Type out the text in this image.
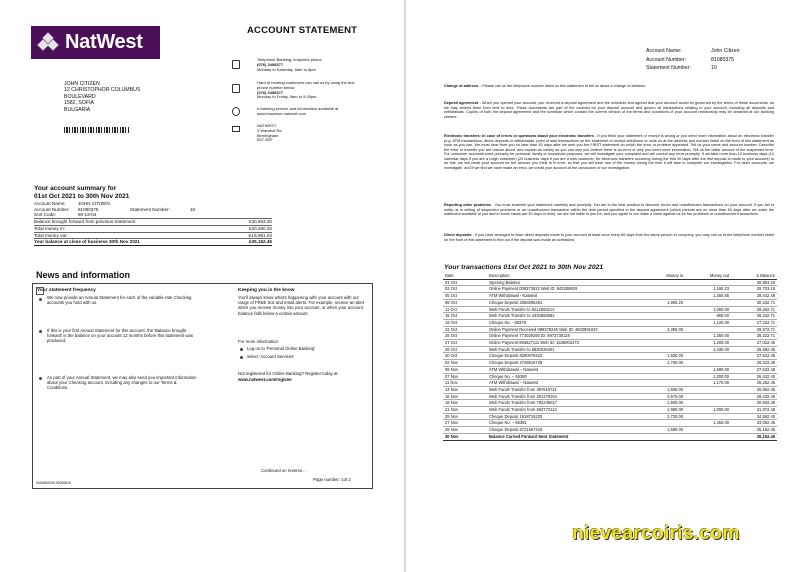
NatWest
ACCOUNT STATEMENT
JOHN CITIZEN
12 CHRISTOPHOR COLUMBUS
BOULEVARD
1582, SOFIA
BULGARIA
Telephone Banking, enquiries phone
(076) 2408377
Monday to Saturday, 8am to 8pm
Hard of hearing customers can call us by using the text phone number below
(076) 2408377
Monday to Friday, 9am to 5.00pm.
e-banking service and information available at www.business.natwest.com
NATWEST
3 Warwick Rd
Birmingham
B27 6DF
Your account summary for
01st Oct 2021 to 30th Nov 2021
Account Name:	JOHN CITIZEN
Account Number:	81080375	Statement Number:	10
Sort Code:	60-13-04
Balance brought forward from previous Statement	£30,853.20
Total money in:	£20,260.33
Total money out:	-£15,961.04
Your balance at close of business 30th Nov 2021	£35,152.45
News and information
Your statement frequency
We now provide an Annual Statement for each of the variable rate Checking accounts you hold with us.
If this is your first Annual Statement for this account, the 'Balance brought forward' is the balance on your account 12 months before this statement was produced.
As part of your Annual Statement, we may also send you important information about your Checking account, including any changes to our Terms & Conditions.
Keeping you in the know
You'll always know what's happening with your account with our range of FREE text and email alerts. For example, receive an alert when you receive money into your account, or when your account balance falls below a certain amount.
For more information:
Log on to 'Personal Online Banking'
select 'Account Services'
Not registered for Online Banking? Register today at
www.natwest.com/register
Continued on reverse...
Page number: 1of 2
0040460006 00040810
Account Name:	John Citizen
Account Number:	81080375
Statement Number:	10
Change of address – Please call us the telephone number listed on this statement to tell us about a change of address.
Deposit agreement - When you opened your account, you received a deposit agreement and fee schedule and agreed that your account would be governed by the terms of these documents, as we may amend them from time to time. These documents are part of the contract for your deposit account and govern all transactions relating to your account, including all deposits and withdrawals. Copies of both the deposit agreement and fee schedule which contain the current version of the terms and conditions of your account relationship may be obtained at our banking centers.
Electronic transfers: In case of errors or questions about your electronic transfers - If you think your statement or receipt is wrong or you need more information about an electronic transfer (e.g. ATM transactions, direct deposits or withdrawals, point of sale transactions on the statement or receipt telephone or write us at the address and number listed on the front of this statement as soon as you can. We must hear from you no later than 60 days after we sent you the FIRST statement on which the error or problem appeared. Tell us your name and account number. Describe the error or transfer you are unsure about, and explain as clearly as you can why you believe there is an error or why you need more information. Tell us the dollar amount of the suspected error. For consumer accounts used primarily for personal, family or household purposes, we will investigate your complaint and will correct any error promptly. If we take more than 10 business days (10 calendar days if you are a Leigh customer) (20 business days if you are a new customer, for electronic transfers occurring during the first 30 days after the first deposit is made to your account) to do this, we will credit your account for the amount you think is in error, so that you will have use of the money during the time it will take to complete our investigation. For other accounts, we investigate, and if we find we have made an error, we credit your account at the conclusion of our investigation.
Reporting other problems - You must examine your statement carefully and promptly. You are in the best position to discover errors and unauthorized transactions on your account. If you fail to notify us in writing of suspected problems or an unauthorized transaction within the time period specified in the deposit agreement (which periods are no more than 60 days after we make the statement available to you and in some cases are 30 days or less), we are not liable to you for, and you agree to not make a claim against us for the problems or unauthorized transactions.
Direct deposits - If you have arranged to have direct deposits made to your account at least once every 60 days from the same person or company, you may call us at the telephone number listed on the front of this statement to find out if the deposit was made as scheduled.
Your transactions 01st Oct 2021 to 30th Nov 2021
Date	Description	Money in	Money out	£ Balance
01 Oct	Opening Balance			30,853.20
03 Oct	Online Payment 008373822 Web ID: 843209829		1,190.23	29,703.18
05 Oct	ATM Withdrawal - Natwest		1,260.55	28,442.48
08 Oct	Cheque Deposit 2058296491	1,900.25		30,342.71
11 Oct	Web Funds Transfer to 8212583212		1,050.00	29,292.71
15 Oct	Web Funds Transfer to 4330583582		950.00	28,342.71
19 Oct	Cheque No. - 55379		1,120.00	27,222.71
22 Oct	Online Payment Received 099378245 Web ID: 4602891022	2,350.00		29,572.71
25 Oct	Online Payment 773029293 ID: 8973730119		1,350.00	28,222.71
27 Oct	Online Payment 893627111 Web ID: 1638003273		1,200.00	27,022.45
29 Oct	Web Funds Transfer to 6830026401		1,430.00	25,592.45
30 Oct	Cheque Deposit 8290078422	1,930.00		27,522.45
02 Nov	Cheque Deposit 2748516728	1,700.00		29,222.45
05 Nov	ATM Withdrawal – Natwest		1,590.00	27,632.45
07 Nov	Cheque No. – 55380		1,200.00	26,432.45
11 Nov	ATM Withdrawal – Natwest		1,170.00	25,262.45
14 Nov	Web Funds Transfer from 387815721	1,600.00		26,862.45
16 Nov	Web Funds Transfer from 201378154	2,570.00		29,432.45
18 Nov	Web Funds Transfer from 782236017	1,500.00		30,932.45
21 Nov	Web Funds Transfer from 563772113	1,950.00	1,000.00	31,872.45
25 Nov	Cheque Deposit 1918715233	2,720.00		34,592.45
27 Nov	Cheque No. – 55381		1,450.00	33,062.45
29 Nov	Cheque Deposit 8721567315	1,690.00		35,152.45
30 Nov	Balance Carried Forward Next Statement			35,152.45
nievearcoiris.com
